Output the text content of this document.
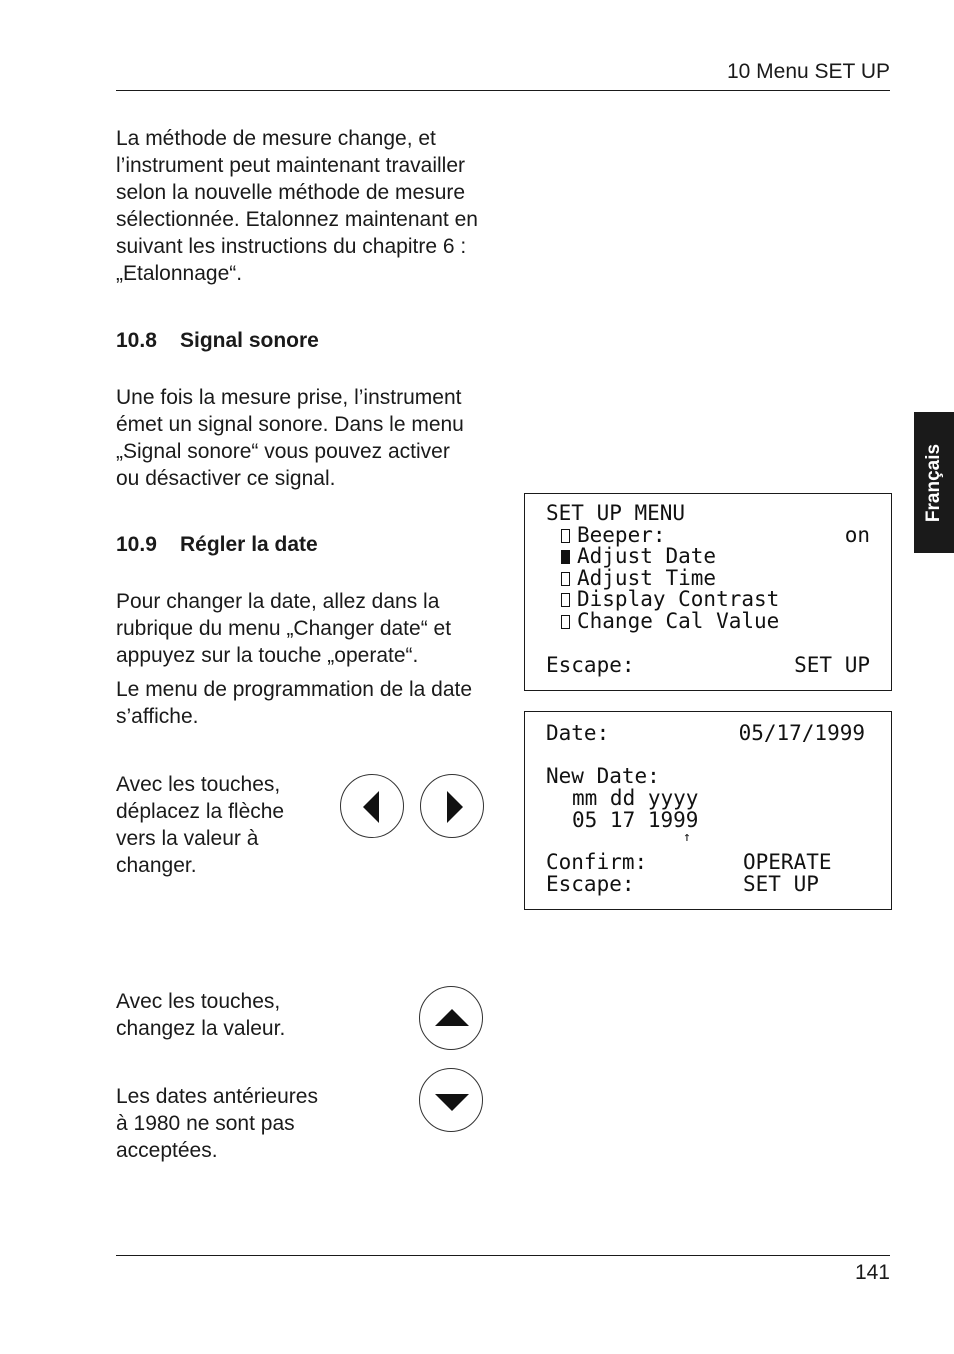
10 Menu SET UP
Français

La méthode de mesure change, et
l’instrument peut maintenant travailler
selon la nouvelle méthode de mesure
sélectionnée. Etalonnez maintenant en
suivant les instructions du chapitre 6 :
„Etalonnage“.

10.8 Signal sonore

Une fois la mesure prise, l’instrument
émet un signal sonore. Dans le menu
„Signal sonore“ vous pouvez activer
ou désactiver ce signal.

10.9 Régler la date

Pour changer la date, allez dans la
rubrique du menu „Changer date“ et
appuyez sur la touche „operate“.

Le menu de programmation de la date
s’affiche.

Avec les touches,
déplacez la flèche
vers la valeur à
changer.

Avec les touches,
changez la valeur.

Les dates antérieures
à 1980 ne sont pas
acceptées.

SET UP MENU
Beeper:	on
Adjust Date
Adjust Time
Display Contrast
Change Cal Value
Escape:	SET UP
Date:	05/17/1999
New Date:
mm dd yyyy
05 17 1999
↑
Confirm:	OPERATE
Escape:	SET UP
141
